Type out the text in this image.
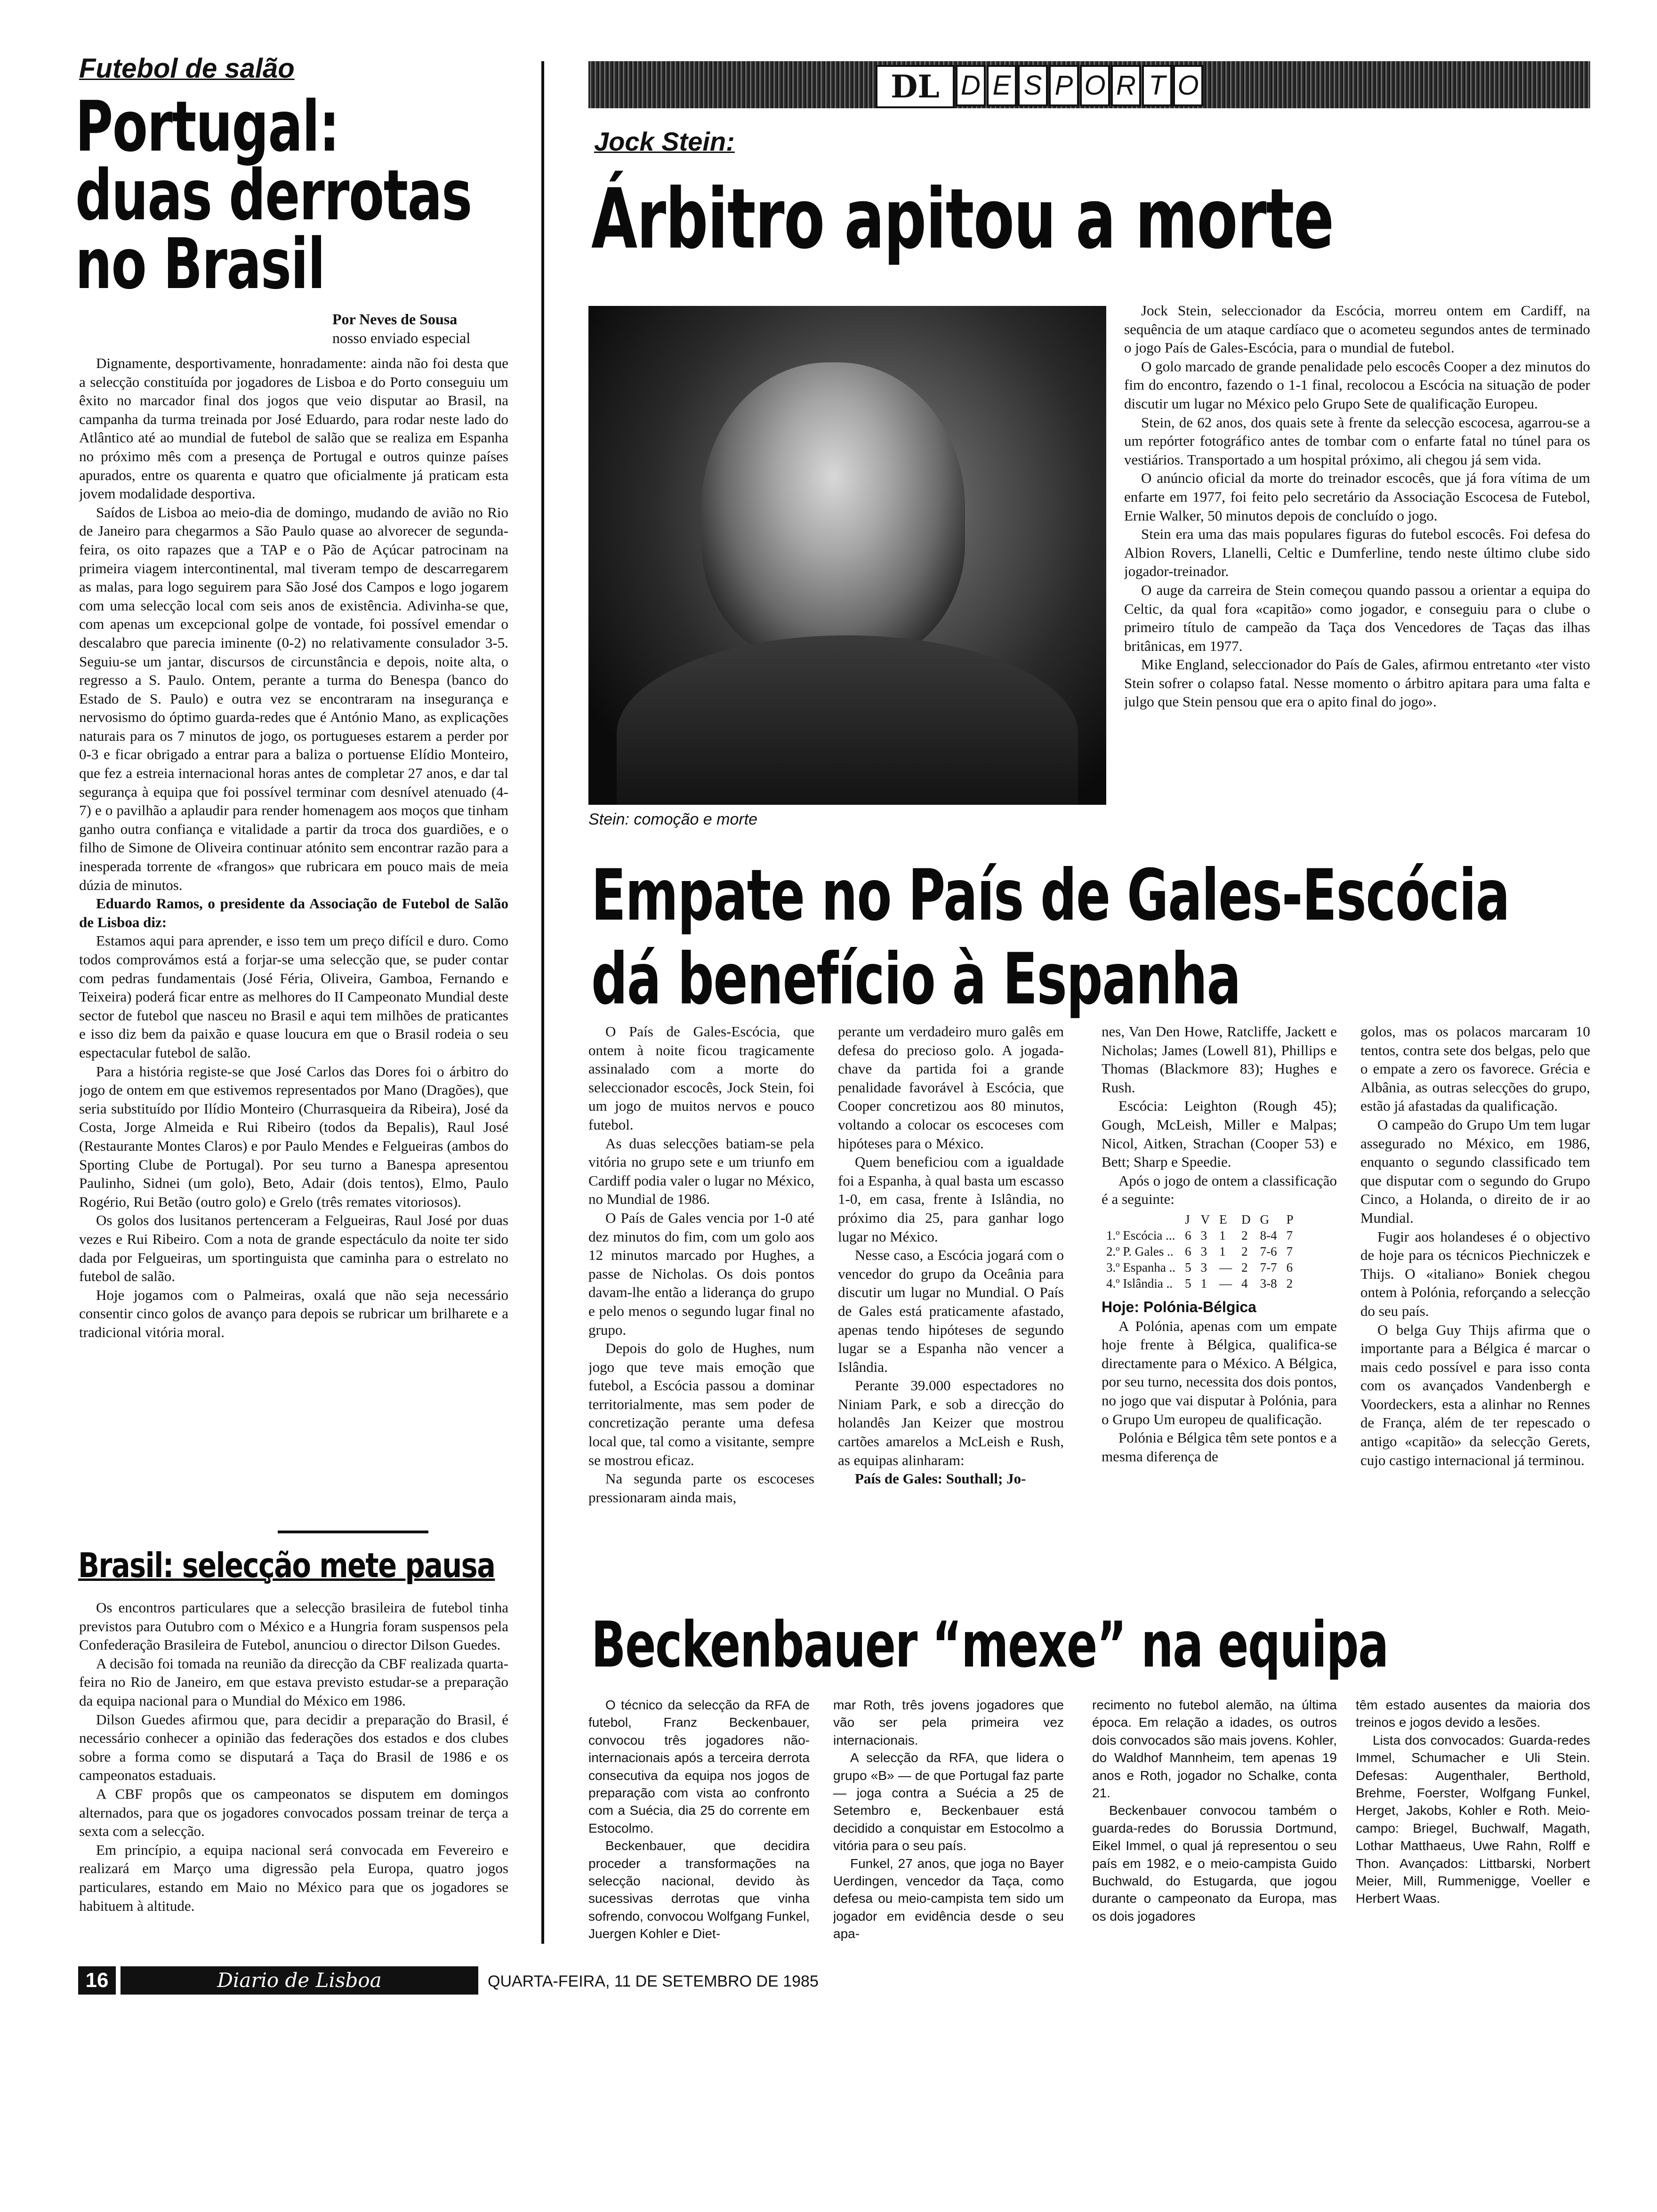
Futebol de salão
Portugal:
duas derrotas
no Brasil
Por Neves de Sousa
nosso enviado especial

Dignamente, desportivamente, honradamente: ainda não foi desta que a selecção constituída por jogadores de Lisboa e do Porto conseguiu um êxito no marcador final dos jogos que veio disputar ao Brasil, na campanha da turma treinada por José Eduardo, para rodar neste lado do Atlântico até ao mundial de futebol de salão que se realiza em Espanha no próximo mês com a presença de Portugal e outros quinze países apurados, entre os quarenta e quatro que oficialmente já praticam esta jovem modalidade desportiva.

Saídos de Lisboa ao meio-dia de domingo, mudando de avião no Rio de Janeiro para chegarmos a São Paulo quase ao alvorecer de segunda-feira, os oito rapazes que a TAP e o Pão de Açúcar patrocinam na primeira viagem intercontinental, mal tiveram tempo de descarregarem as malas, para logo seguirem para São José dos Campos e logo jogarem com uma selecção local com seis anos de existência. Adivinha-se que, com apenas um excepcional golpe de vontade, foi possível emendar o descalabro que parecia iminente (0-2) no relativamente consulador 3-5. Seguiu-se um jantar, discursos de circunstância e depois, noite alta, o regresso a S. Paulo. Ontem, perante a turma do Benespa (banco do Estado de S. Paulo) e outra vez se encontraram na insegurança e nervosismo do óptimo guarda-redes que é António Mano, as explicações naturais para os 7 minutos de jogo, os portugueses estarem a perder por 0-3 e ficar obrigado a entrar para a baliza o portuense Elídio Monteiro, que fez a estreia internacional horas antes de completar 27 anos, e dar tal segurança à equipa que foi possível terminar com desnível atenuado (4-7) e o pavilhão a aplaudir para render homenagem aos moços que tinham ganho outra confiança e vitalidade a partir da troca dos guardiões, e o filho de Simone de Oliveira continuar atónito sem encontrar razão para a inesperada torrente de «frangos» que rubricara em pouco mais de meia dúzia de minutos.

Eduardo Ramos, o presidente da Associação de Futebol de Salão de Lisboa diz:

Estamos aqui para aprender, e isso tem um preço difícil e duro. Como todos comprovámos está a forjar-se uma selecção que, se puder contar com pedras fundamentais (José Féria, Oliveira, Gamboa, Fernando e Teixeira) poderá ficar entre as melhores do II Campeonato Mundial deste sector de futebol que nasceu no Brasil e aqui tem milhões de praticantes e isso diz bem da paixão e quase loucura em que o Brasil rodeia o seu espectacular futebol de salão.

Para a história registe-se que José Carlos das Dores foi o árbitro do jogo de ontem em que estivemos representados por Mano (Dragões), que seria substituído por Ilídio Monteiro (Churrasqueira da Ribeira), José da Costa, Jorge Almeida e Rui Ribeiro (todos da Bepalis), Raul José (Restaurante Montes Claros) e por Paulo Mendes e Felgueiras (ambos do Sporting Clube de Portugal). Por seu turno a Banespa apresentou Paulinho, Sidnei (um golo), Beto, Adair (dois tentos), Elmo, Paulo Rogério, Rui Betão (outro golo) e Grelo (três remates vitoriosos).

Os golos dos lusitanos pertenceram a Felgueiras, Raul José por duas vezes e Rui Ribeiro. Com a nota de grande espectáculo da noite ter sido dada por Felgueiras, um sportinguista que caminha para o estrelato no futebol de salão.

Hoje jogamos com o Palmeiras, oxalá que não seja necessário consentir cinco golos de avanço para depois se rubricar um brilharete e a tradicional vitória moral.

Brasil: selecção mete pausa

Os encontros particulares que a selecção brasileira de futebol tinha previstos para Outubro com o México e a Hungria foram suspensos pela Confederação Brasileira de Futebol, anunciou o director Dilson Guedes.

A decisão foi tomada na reunião da direcção da CBF realizada quarta-feira no Rio de Janeiro, em que estava previsto estudar-se a preparação da equipa nacional para o Mundial do México em 1986.

Dilson Guedes afirmou que, para decidir a preparação do Brasil, é necessário conhecer a opinião das federações dos estados e dos clubes sobre a forma como se disputará a Taça do Brasil de 1986 e os campeonatos estaduais.

A CBF propôs que os campeonatos se disputem em domingos alternados, para que os jogadores convocados possam treinar de terça a sexta com a selecção.

Em princípio, a equipa nacional será convocada em Fevereiro e realizará em Março uma digressão pela Europa, quatro jogos particulares, estando em Maio no México para que os jogadores se habituem à altitude.

DL D E S P O R T O
Jock Stein:
Árbitro apitou a morte
Stein: comoção e morte

Jock Stein, seleccionador da Escócia, morreu ontem em Cardiff, na sequência de um ataque cardíaco que o acometeu segundos antes de terminado o jogo País de Gales-Escócia, para o mundial de futebol.

O golo marcado de grande penalidade pelo escocês Cooper a dez minutos do fim do encontro, fazendo o 1-1 final, recolocou a Escócia na situação de poder discutir um lugar no México pelo Grupo Sete de qualificação Europeu.

Stein, de 62 anos, dos quais sete à frente da selecção escocesa, agarrou-se a um repórter fotográfico antes de tombar com o enfarte fatal no túnel para os vestiários. Transportado a um hospital próximo, ali chegou já sem vida.

O anúncio oficial da morte do treinador escocês, que já fora vítima de um enfarte em 1977, foi feito pelo secretário da Associação Escocesa de Futebol, Ernie Walker, 50 minutos depois de concluído o jogo.

Stein era uma das mais populares figuras do futebol escocês. Foi defesa do Albion Rovers, Llanelli, Celtic e Dumferline, tendo neste último clube sido jogador-treinador.

O auge da carreira de Stein começou quando passou a orientar a equipa do Celtic, da qual fora «capitão» como jogador, e conseguiu para o clube o primeiro título de campeão da Taça dos Vencedores de Taças das ilhas britânicas, em 1977.

Mike England, seleccionador do País de Gales, afirmou entretanto «ter visto Stein sofrer o colapso fatal. Nesse momento o árbitro apitara para uma falta e julgo que Stein pensou que era o apito final do jogo».

Empate no País de Gales-Escócia
dá benefício à Espanha

O País de Gales-Escócia, que ontem à noite ficou tragicamente assinalado com a morte do seleccionador escocês, Jock Stein, foi um jogo de muitos nervos e pouco futebol.

As duas selecções batiam-se pela vitória no grupo sete e um triunfo em Cardiff podia valer o lugar no México, no Mundial de 1986.

O País de Gales vencia por 1-0 até dez minutos do fim, com um golo aos 12 minutos marcado por Hughes, a passe de Nicholas. Os dois pontos davam-lhe então a liderança do grupo e pelo menos o segundo lugar final no grupo.

Depois do golo de Hughes, num jogo que teve mais emoção que futebol, a Escócia passou a dominar territorialmente, mas sem poder de concretização perante uma defesa local que, tal como a visitante, sempre se mostrou eficaz.

Na segunda parte os escoceses pressionaram ainda mais,

perante um verdadeiro muro galês em defesa do precioso golo. A jogada-chave da partida foi a grande penalidade favorável à Escócia, que Cooper concretizou aos 80 minutos, voltando a colocar os escoceses com hipóteses para o México.

Quem beneficiou com a igualdade foi a Espanha, à qual basta um escasso 1-0, em casa, frente à Islândia, no próximo dia 25, para ganhar logo lugar no México.

Nesse caso, a Escócia jogará com o vencedor do grupo da Oceânia para discutir um lugar no Mundial. O País de Gales está praticamente afastado, apenas tendo hipóteses de segundo lugar se a Espanha não vencer a Islândia.

Perante 39.000 espectadores no Niniam Park, e sob a direcção do holandês Jan Keizer que mostrou cartões amarelos a McLeish e Rush, as equipas alinharam:

País de Gales: Southall; Jo-

nes, Van Den Howe, Ratcliffe, Jackett e Nicholas; James (Lowell 81), Phillips e Thomas (Blackmore 83); Hughes e Rush.

Escócia: Leighton (Rough 45); Gough, McLeish, Miller e Malpas; Nicol, Aitken, Strachan (Cooper 53) e Bett; Sharp e Speedie.

Após o jogo de ontem a classificação é a seguinte:

	J	V	E	D	G	P
1.º Escócia ...	6	3	1	2	8-4	7
2.º P. Gales ..	6	3	1	2	7-6	7
3.º Espanha ..	5	3	—	2	7-7	6
4.º Islândia ..	5	1	—	4	3-8	2

Hoje: Polónia-Bélgica

A Polónia, apenas com um empate hoje frente à Bélgica, qualifica-se directamente para o México. A Bélgica, por seu turno, necessita dos dois pontos, no jogo que vai disputar à Polónia, para o Grupo Um europeu de qualificação.

Polónia e Bélgica têm sete pontos e a mesma diferença de

golos, mas os polacos marcaram 10 tentos, contra sete dos belgas, pelo que o empate a zero os favorece. Grécia e Albânia, as outras selecções do grupo, estão já afastadas da qualificação.

O campeão do Grupo Um tem lugar assegurado no México, em 1986, enquanto o segundo classificado tem que disputar com o segundo do Grupo Cinco, a Holanda, o direito de ir ao Mundial.

Fugir aos holandeses é o objectivo de hoje para os técnicos Piechniczek e Thijs. O «italiano» Boniek chegou ontem à Polónia, reforçando a selecção do seu país.

O belga Guy Thijs afirma que o importante para a Bélgica é marcar o mais cedo possível e para isso conta com os avançados Vandenbergh e Voordeckers, esta a alinhar no Rennes de França, além de ter repescado o antigo «capitão» da selecção Gerets, cujo castigo internacional já terminou.

Beckenbauer “mexe” na equipa

O técnico da selecção da RFA de futebol, Franz Beckenbauer, convocou três jogadores não-internacionais após a terceira derrota consecutiva da equipa nos jogos de preparação com vista ao confronto com a Suécia, dia 25 do corrente em Estocolmo.

Beckenbauer, que decidira proceder a transformações na selecção nacional, devido às sucessivas derrotas que vinha sofrendo, convocou Wolfgang Funkel, Juergen Kohler e Diet-

mar Roth, três jovens jogadores que vão ser pela primeira vez internacionais.

A selecção da RFA, que lidera o grupo «B» — de que Portugal faz parte — joga contra a Suécia a 25 de Setembro e, Beckenbauer está decidido a conquistar em Estocolmo a vitória para o seu país.

Funkel, 27 anos, que joga no Bayer Uerdingen, vencedor da Taça, como defesa ou meio-campista tem sido um jogador em evidência desde o seu apa-

recimento no futebol alemão, na última época. Em relação a idades, os outros dois convocados são mais jovens. Kohler, do Waldhof Mannheim, tem apenas 19 anos e Roth, jogador no Schalke, conta 21.

Beckenbauer convocou também o guarda-redes do Borussia Dortmund, Eikel Immel, o qual já representou o seu país em 1982, e o meio-campista Guido Buchwald, do Estugarda, que jogou durante o campeonato da Europa, mas os dois jogadores

têm estado ausentes da maioria dos treinos e jogos devido a lesões.

Lista dos convocados: Guarda-redes Immel, Schumacher e Uli Stein. Defesas: Augenthaler, Berthold, Brehme, Foerster, Wolfgang Funkel, Herget, Jakobs, Kohler e Roth. Meio-campo: Briegel, Buchwalf, Magath, Lothar Matthaeus, Uwe Rahn, Rolff e Thon. Avançados: Littbarski, Norbert Meier, Mill, Rummenigge, Voeller e Herbert Waas.

16	Diario de Lisboa	QUARTA-FEIRA, 11 DE SETEMBRO DE 1985
